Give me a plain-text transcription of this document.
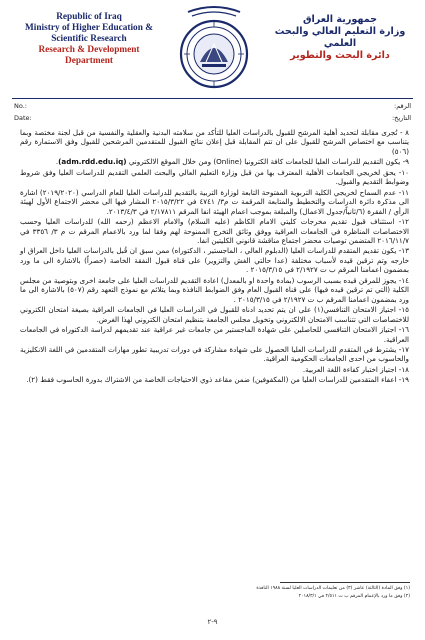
Republic of Iraq
Ministry of Higher Education &
Scientific Research
Research & Development
Department
جمهورية العراق
وزارة التعليم العالي والبحث العلمي
دائرة البحث والتطوير
No.:
Date:
الرقم:
التاريخ:

٨ - تُجرى مقابلة لتحديد أهلية المرشح للقبول بالدراسات العليا للتأكد من سلامته البدنية والعقلية والنفسية من قبل لجنة مختصة وبما يتناسب مع اختصاص المرشح للقبول على ان تتم المقابلة قبل إعلان نتائج القبول للمتقدمين المرشحين للقبول وفق الاستمارة رقم (٥٠٦)

٩- يكون التقديم للدراسات العليا للجامعات كافة الكترونيا (Online) ومن خلال الموقع الالكتروني (adm.rdd.edu.iq).

١٠- يحق لخريجي الجامعات الأهلية المعترف بها من قبل وزارة التعليم العالي والبحث العلمي التقديم للدراسات العليا وفق شروط وضوابط التقديم والقبول.

١١- عدم السماح لخريجي الكلية التربوية المفتوحة التابعة لوزارة التربية بالتقديم للدراسات العليا للعام الدراسي (٢٠١٩/٢٠٢٠) اشارة الى مذكرة دائرة الدراسات والتخطيط والمتابعة المرقمة ت م٣/ ٤٧٤١ في ٢٠١٥/٣/٢٢ المشار فيها الى محضر الاجتماع الأول لهيئة الرأي / الفقرة (٦/ثانياً/جدول الاعمال) والمبلغة بموجب اعمام الهيئة انفا المرقم ٢/١٧٨١١ في ٢٠١٣/٤/٣.

١٢- استثناف قبول تقديم مخرجات كليتي الامام الكاظم (عليه السلام) والامام الاعظم (رحمه الله) للدراسات العليا وحسب الاختصاصات المناظرة في الجامعات العراقية ووفق وثائق التخرج الممنوحة لهم وفقا لما ورد بالاعمام المرقم ت م ٣/ ٣٣٥٦ في ٢٠١٦/١١/٧ المتضمن توصيات محضر اجتماع مناقشة قانوني الكليتين انفا.

١٣- يكون تقديم المتقدم للدراسات العليا (الدبلوم العالي ، الماجستير ، الدكتوراه) ممن سبق ان قُبل بالدراسات العليا داخل العراق او خارجه وتم ترقين قيده لأسباب مختلفة (عدا حالتي الغش والتزوير) على قناة قبول النفقة الخاصة (حصراً) بالاشارة الى ما ورد بمضمون اعمامنا المرقم ب ت ٢/١٩٢٧ في ٢٠١٥/٣/١٥ .

١٤- يجوز للمرقن قيده بسبب الرسوب (بمادة واحدة او بالمعدل) اعادة التقديم للدراسات العليا على جامعة اخرى وبتوصية من مجلس الكلية (التي تم ترقين قيده فيها) على قناة القبول العام وفق الضوابط النافذة وبما يتلائم مع نموذج التعهد رقم (٥٠٧) بالاشارة الى ما ورد بمضمون اعمامنا المرقم ب ت ٢/١٩٢٧ في ٢٠١٥/٣/١٥ .

١٥- اجتياز الامتحان التنافسي(١) على ان يتم تحديد ادناه للقبول في الدراسات العليا في الجامعات العراقية بصيغة امتحان الكتروني للاختصاصات التي تتناسب الامتحان الالكتروني وتخويل مجلس الجامعة بتنظيم امتحان الكتروني لهذا الغرض.

١٦- اجتياز الامتحان التنافسي للحاصلين على شهادة الماجستير من جامعات غير عراقية عند تقديمهم لدراسة الدكتوراه في الجامعات العراقية.

١٧- يشترط في المتقدم للدراسات العليا الحصول على شهادة مشاركة في دورات تدريبية تطور مهارات المتقدمين في اللغة الانكليزية والحاسوب من احدى الجامعات الحكومية العراقية.

١٨- اجتياز اختبار كفاءة اللغة العربية.

١٩- اعفاء المتقدمين للدراسات العليا من (المكفوفين) ضمن مقاعد ذوي الاحتياجات الخاصة من الاشتراك بدورة الحاسوب فقط (٢).

(١) وفق المادة (الثالثة) عاشر (٣) من تعليمات الدراسات العليا لسنة ١٩٨٨ النافذة
(٢) وفق ما ورد بالإعمام المرقم ب ت ٢/٥١١ في ٢٠١٨/٣/١
٩-٢
